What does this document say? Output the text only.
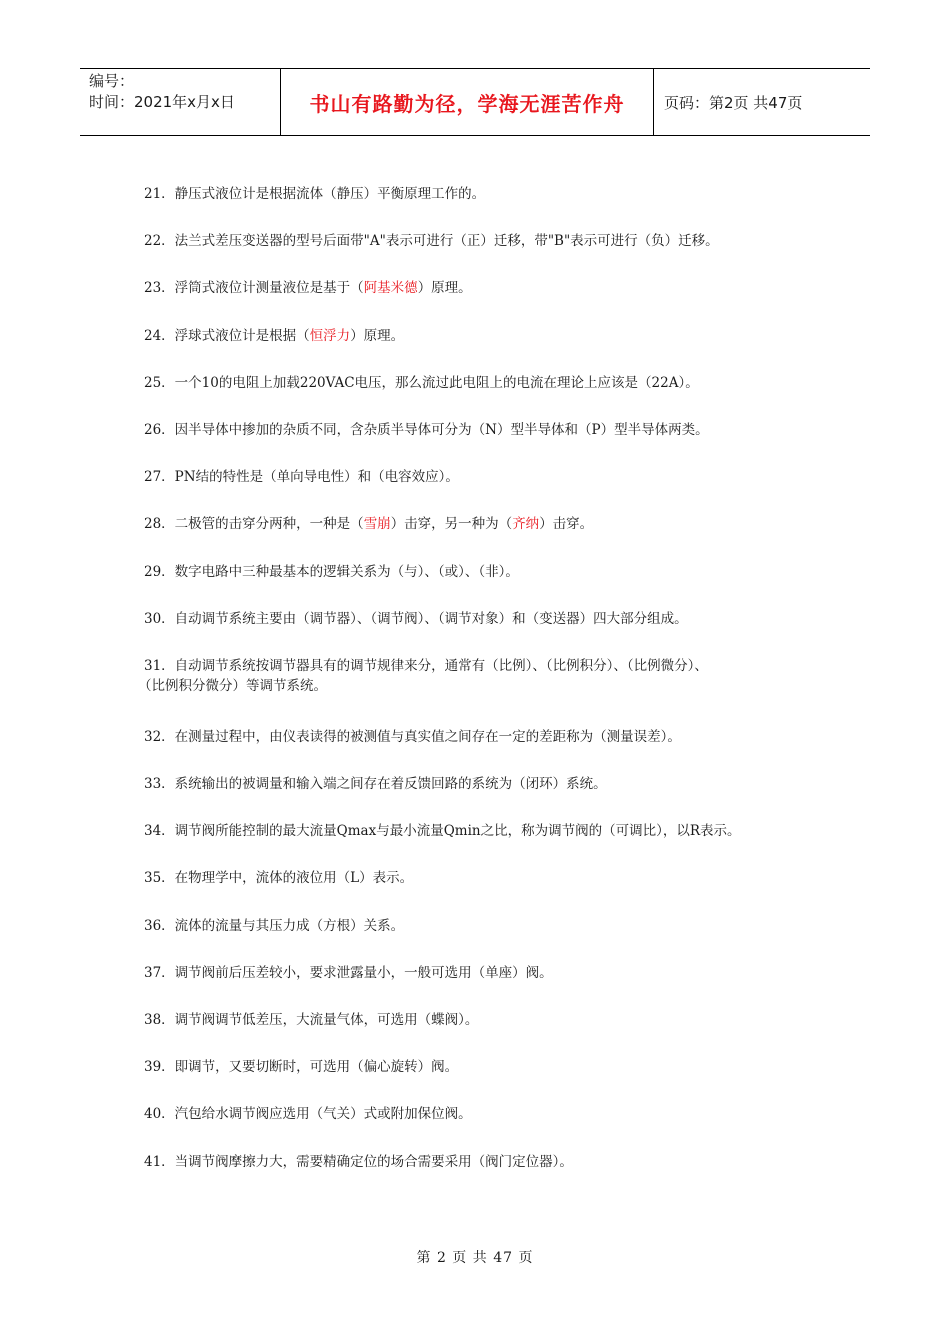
编号：
时间：2021年x月x日	书山有路勤为径，学海无涯苦作舟	页码：第2页 共47页
21．静压式液位计是根据流体（静压）平衡原理工作的。
22．法兰式差压变送器的型号后面带"A"表示可进行（正）迁移，带"B"表示可进行（负）迁移。
23．浮筒式液位计测量液位是基于（阿基米德）原理。
24．浮球式液位计是根据（恒浮力）原理。
25．一个10的电阻上加载220VAC电压，那么流过此电阻上的电流在理论上应该是（22A）。
26．因半导体中掺加的杂质不同，含杂质半导体可分为（N）型半导体和（P）型半导体两类。
27．PN结的特性是（单向导电性）和（电容效应）。
28．二极管的击穿分两种，一种是（雪崩）击穿，另一种为（齐纳）击穿。
29．数字电路中三种最基本的逻辑关系为（与）、（或）、（非）。
30．自动调节系统主要由（调节器）、（调节阀）、（调节对象）和（变送器）四大部分组成。
31．自动调节系统按调节器具有的调节规律来分，通常有（比例）、（比例积分）、（比例微分）、
（比例积分微分）等调节系统。
32．在测量过程中，由仪表读得的被测值与真实值之间存在一定的差距称为（测量误差）。
33．系统输出的被调量和输入端之间存在着反馈回路的系统为（闭环）系统。
34．调节阀所能控制的最大流量Qmax与最小流量Qmin之比，称为调节阀的（可调比），以R表示。
35．在物理学中，流体的液位用（L）表示。
36．流体的流量与其压力成（方根）关系。
37．调节阀前后压差较小，要求泄露量小，一般可选用（单座）阀。
38．调节阀调节低差压，大流量气体，可选用（蝶阀）。
39．即调节，又要切断时，可选用（偏心旋转）阀。
40．汽包给水调节阀应选用（气关）式或附加保位阀。
41．当调节阀摩擦力大，需要精确定位的场合需要采用（阀门定位器）。
第 2 页 共 47 页
